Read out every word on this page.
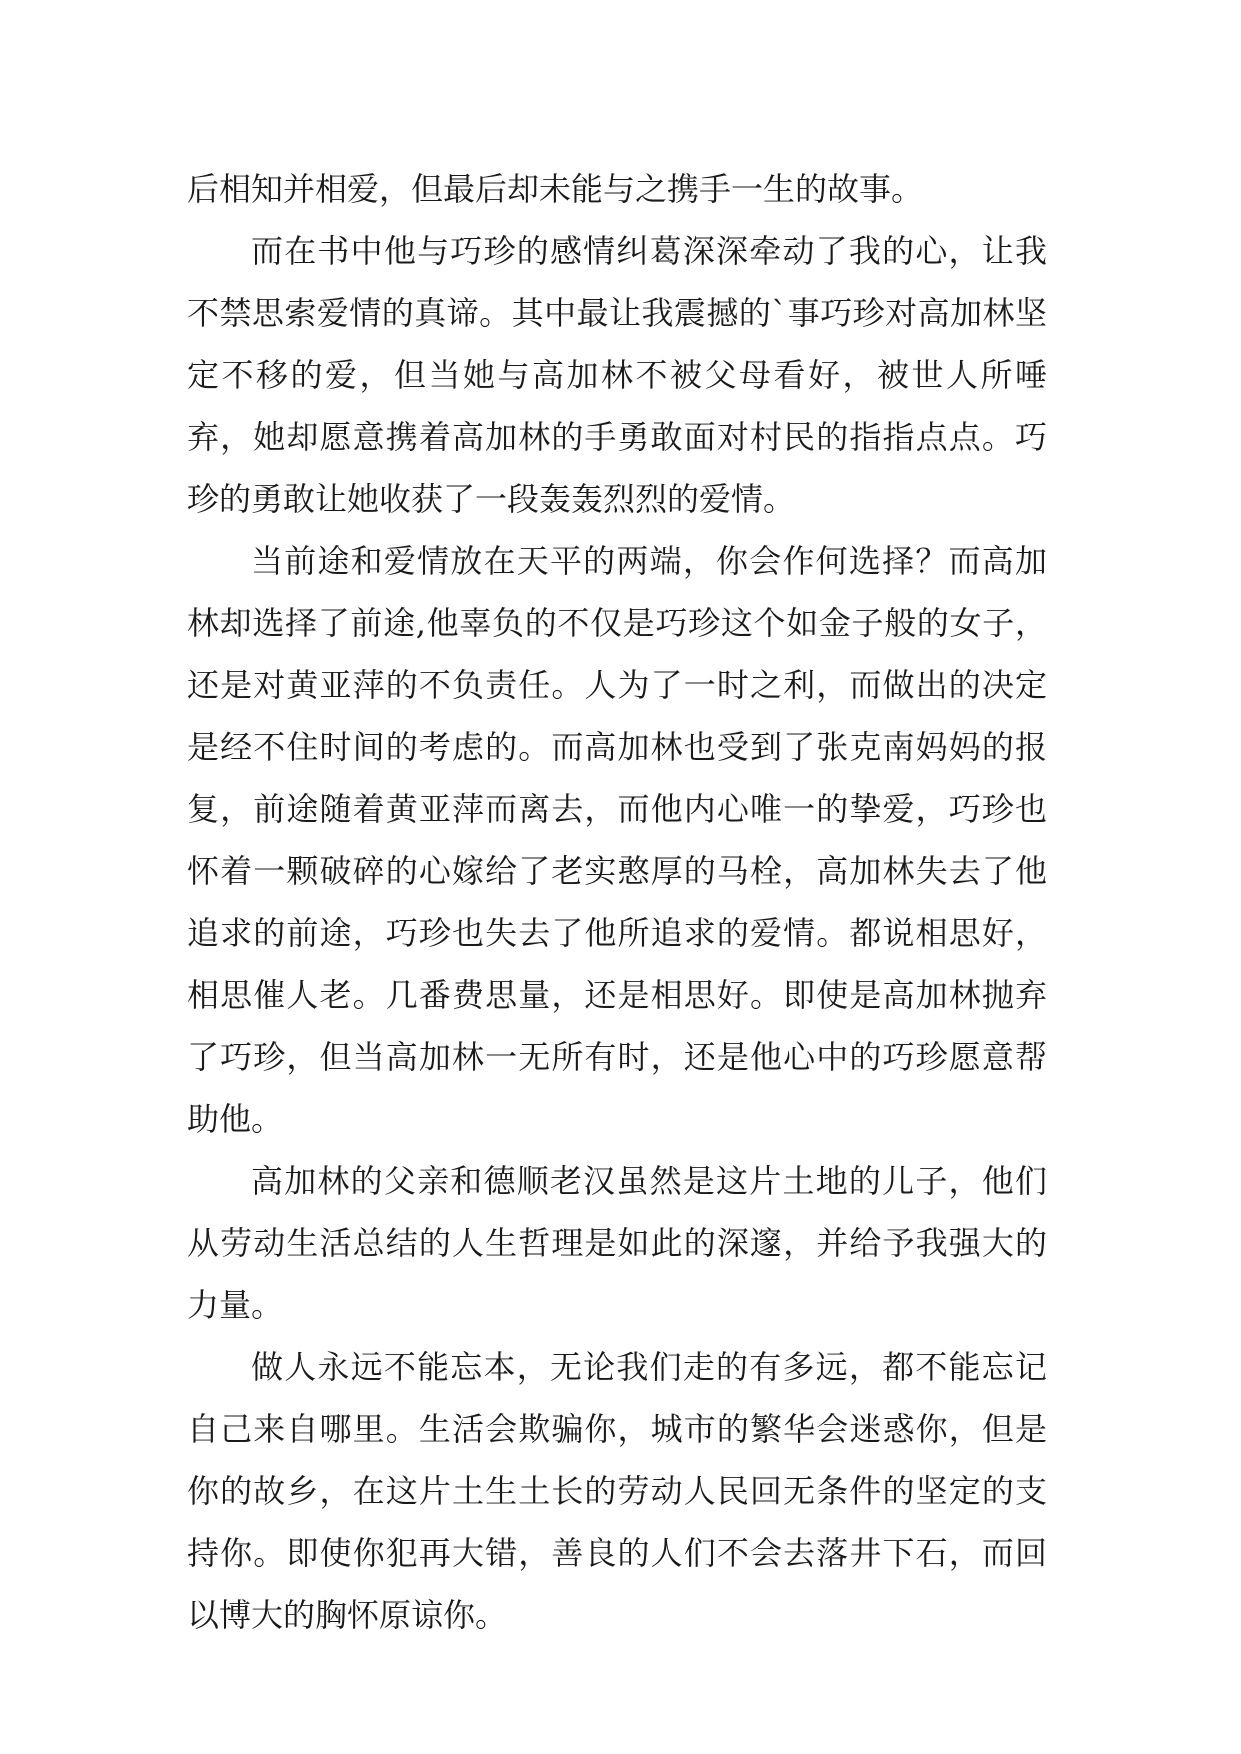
后相知并相爱，但最后却未能与之携手一生的故事。

而在书中他与巧珍的感情纠葛深深牵动了我的心，让我不禁思索爱情的真谛。其中最让我震撼的`事巧珍对高加林坚定不移的爱，但当她与高加林不被父母看好，被世人所唾弃，她却愿意携着高加林的手勇敢面对村民的指指点点。巧珍的勇敢让她收获了一段轰轰烈烈的爱情。

当前途和爱情放在天平的两端，你会作何选择？而高加林却选择了前途,他辜负的不仅是巧珍这个如金子般的女子，还是对黄亚萍的不负责任。人为了一时之利，而做出的决定是经不住时间的考虑的。而高加林也受到了张克南妈妈的报复，前途随着黄亚萍而离去，而他内心唯一的挚爱，巧珍也怀着一颗破碎的心嫁给了老实憨厚的马栓，高加林失去了他追求的前途，巧珍也失去了他所追求的爱情。都说相思好，相思催人老。几番费思量，还是相思好。即使是高加林抛弃了巧珍，但当高加林一无所有时，还是他心中的巧珍愿意帮助他。

高加林的父亲和德顺老汉虽然是这片土地的儿子，他们从劳动生活总结的人生哲理是如此的深邃，并给予我强大的力量。

做人永远不能忘本，无论我们走的有多远，都不能忘记自己来自哪里。生活会欺骗你，城市的繁华会迷惑你，但是你的故乡，在这片土生土长的劳动人民回无条件的坚定的支持你。即使你犯再大错，善良的人们不会去落井下石，而回以博大的胸怀原谅你。
